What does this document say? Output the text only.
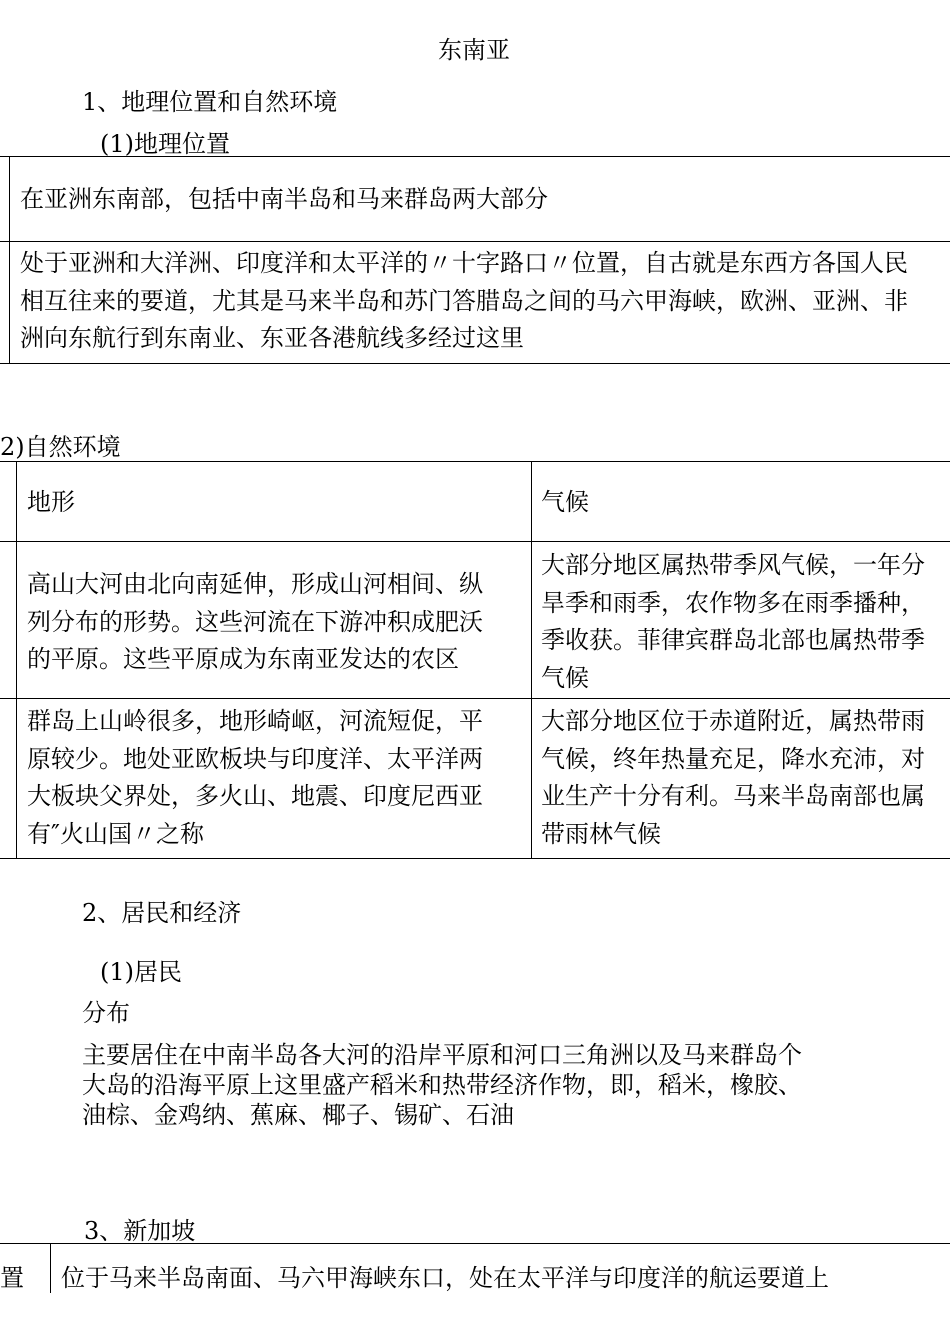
东南亚
1、地理位置和自然环境
(1)地理位置
在亚洲东南部，包括中南半岛和马来群岛两大部分
处于亚洲和大洋洲、印度洋和太平洋的〃十字路口〃位置，自古就是东西方各国人民
相互往来的要道，尤其是马来半岛和苏门答腊岛之间的马六甲海峡，欧洲、亚洲、非
洲向东航行到东南业、东亚各港航线多经过这里
2)自然环境
地形	气候
高山大河由北向南延伸，形成山河相间、纵
列分布的形势。这些河流在下游冲积成肥沃
的平原。这些平原成为东南亚发达的农区
大部分地区属热带季风气候，一年分
旱季和雨季，农作物多在雨季播种，
季收获。菲律宾群岛北部也属热带季
气候
群岛上山岭很多，地形崎岖，河流短促，平
原较少。地处亚欧板块与印度洋、太平洋两
大板块父界处，多火山、地震、印度尼西亚
有″火山国〃之称
大部分地区位于赤道附近，属热带雨
气候，终年热量充足，降水充沛，对
业生产十分有利。马来半岛南部也属
带雨林气候
2、居民和经济
(1)居民
分布
主要居住在中南半岛各大河的沿岸平原和河口三角洲以及马来群岛个
大岛的沿海平原上这里盛产稻米和热带经济作物，即，稻米，橡胶、
油棕、金鸡纳、蕉麻、椰子、锡矿、石油
3、新加坡
置	位于马来半岛南面、马六甲海峡东口，处在太平洋与印度洋的航运要道上
